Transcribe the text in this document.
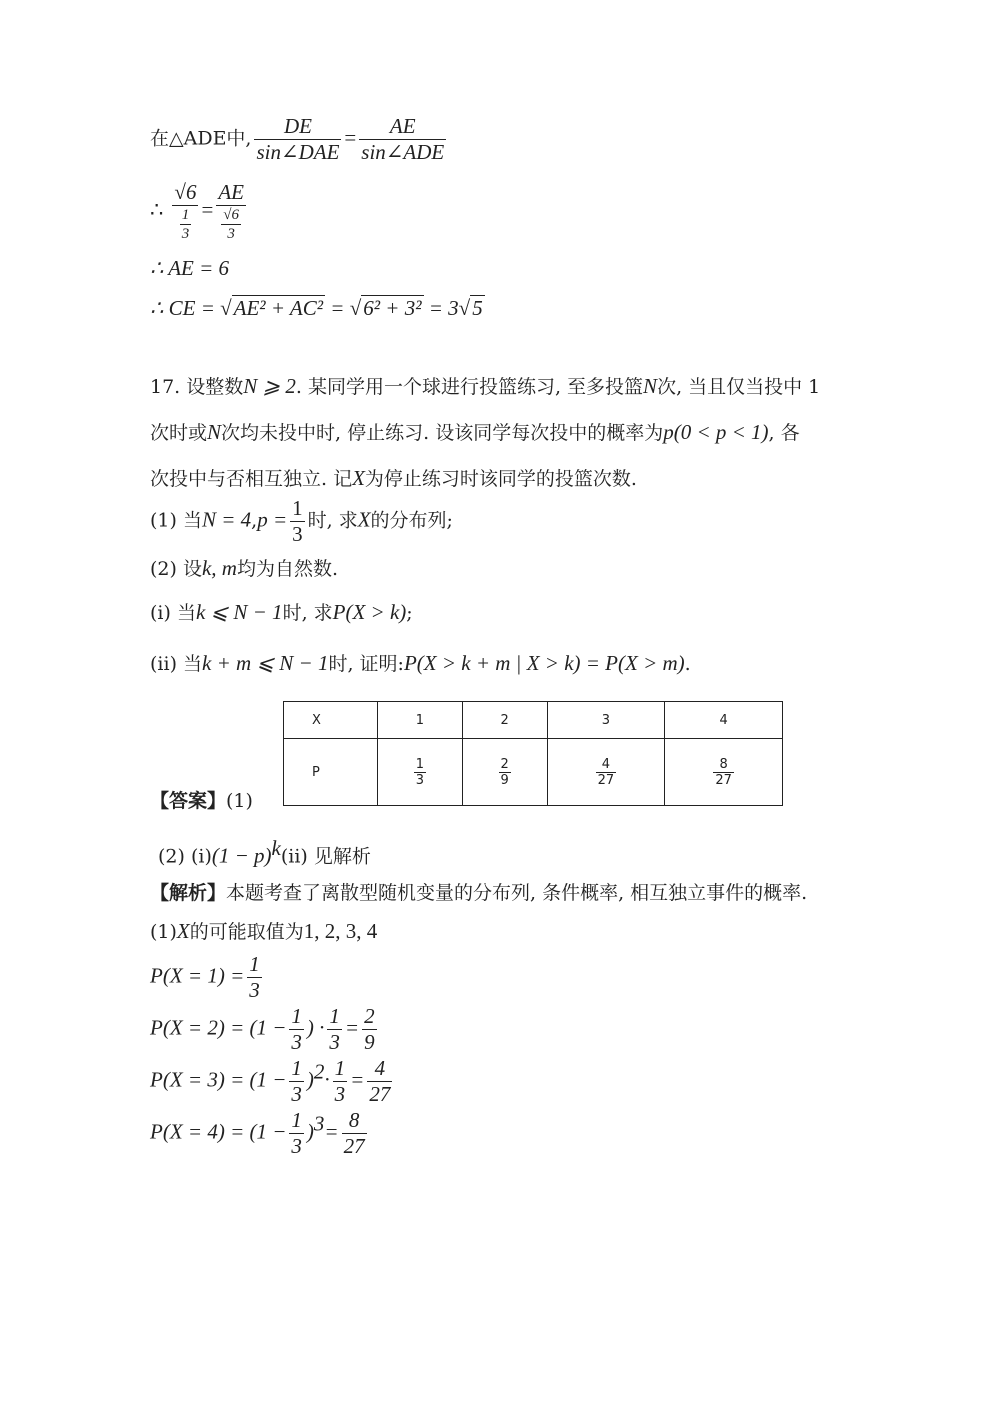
在△ADE中, $\frac{DE}{\text{sin∠DAE}} = \frac{AE}{\text{sin∠ADE}}$
∴ $\frac{√6}{\frac{1}{3}} = \frac{AE}{\frac{√6}{3}}$
∴ AE = 6
∴ CE = √AE² + AC² = √6² + 3² = 3√5
17. 设整数N ⩾ 2. 某同学用一个球进行投篮练习, 至多投篮N次, 当且仅当投中 1
次时或N次均未投中时, 停止练习. 设该同学每次投中的概率为p(0 < p < 1), 各
次投中与否相互独立. 记X为停止练习时该同学的投篮次数.
(1) 当$N = 4,p = \frac{1}{3}$ 时, 求X的分布列;
(2) 设k, m均为自然数.
(i) 当k ⩽ N − 1时, 求P(X > k);
(ii) 当k + m ⩽ N − 1时, 证明:P(X > k + m | X > k) = P(X > m).
X	1	2	3	4
P	$\frac{1}{3}$	$\frac{2}{9}$	$\frac{4}{27}$	$\frac{8}{27}$
【答案】(1)
(2) $(i)(1 - p)^k(ii)$ 见解析
【解析】本题考查了离散型随机变量的分布列, 条件概率, 相互独立事件的概率.
(1)X的可能取值为1, 2, 3, 4
$P(X = 1) = \frac{1}{3}$
$P(X = 2) = (1 - \frac{1}{3}$ ) · $\frac{1}{3} = \frac{2}{9}$
$P(X = 3) = (1 - \frac{1}{3} )^2\cdot \frac{1}{3} = \frac{4}{27}$
$P(X = 4) = (1 - \frac{1}{3} )^3= \frac{8}{27}$
